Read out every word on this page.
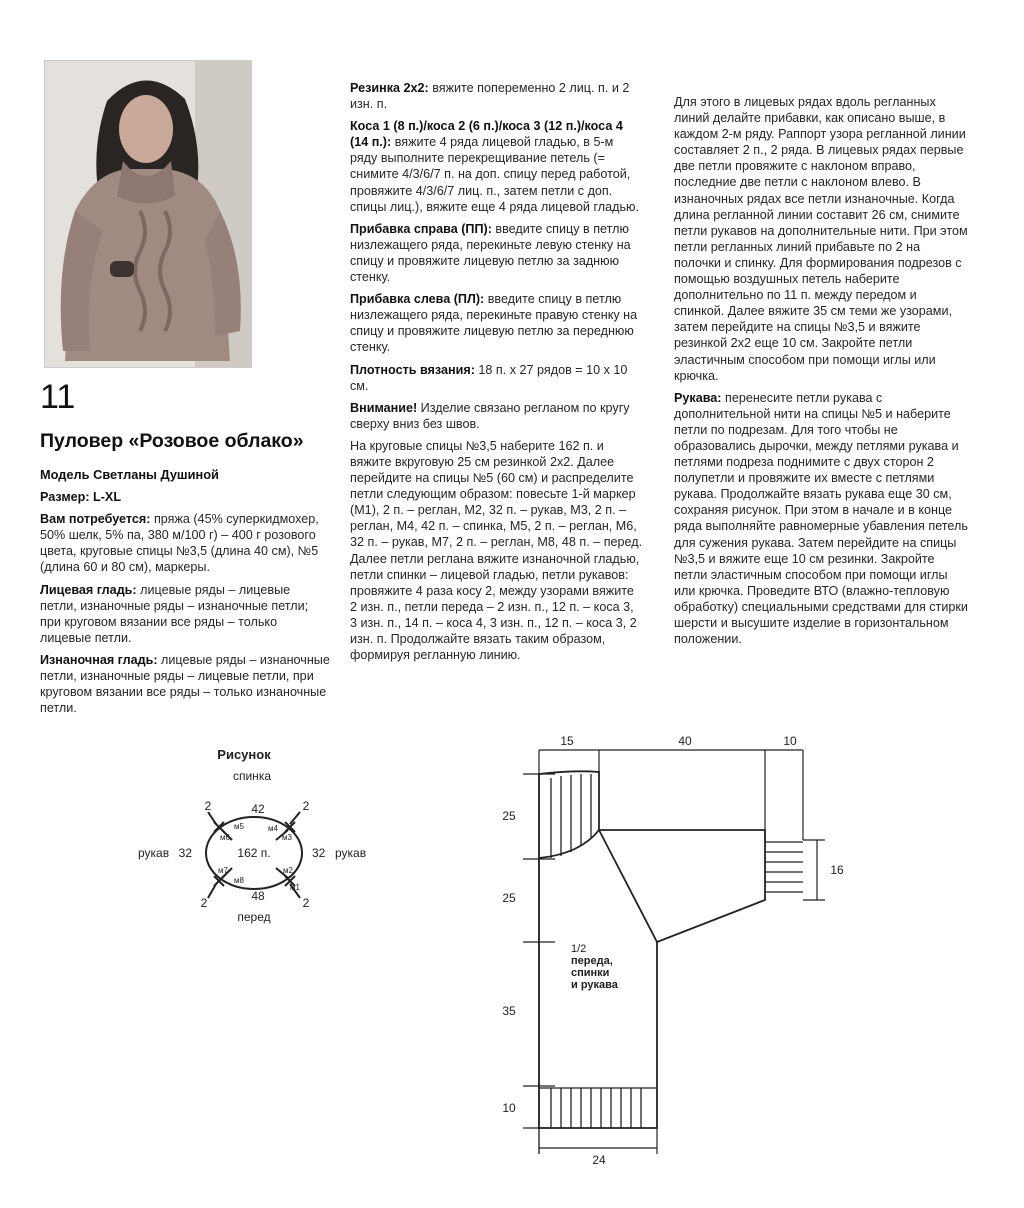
11
Пуловер «Розовое облако»

Модель Светланы Душиной

Размер: L-XL

Вам потребуется: пряжа (45% суперкидмохер, 50% шелк, 5% па, 380 м/100 г) – 400 г розового цвета, круговые спицы №3,5 (длина 40 см), №5 (длина 60 и 80 см), маркеры.

Лицевая гладь: лицевые ряды – лицевые петли, изнаночные ряды – изнаночные петли; при круговом вязании все ряды – только лицевые петли.

Изнаночная гладь: лицевые ряды – изнаночные петли, изнаночные ряды – лицевые петли, при круговом вязании все ряды – только изнаночные петли.

Резинка 2х2: вяжите попеременно 2 лиц. п. и 2 изн. п.

Коса 1 (8 п.)/коса 2 (6 п.)/коса 3 (12 п.)/коса 4 (14 п.): вяжите 4 ряда лицевой гладью, в 5-м ряду выполните перекрещивание петель (= снимите 4/3/6/7 п. на доп. спицу перед работой, провяжите 4/3/6/7 лиц. п., затем петли с доп. спицы лиц.), вяжите еще 4 ряда лицевой гладью.

Прибавка справа (ПП): введите спицу в петлю низлежащего ряда, перекиньте левую стенку на спицу и провяжите лицевую петлю за заднюю стенку.

Прибавка слева (ПЛ): введите спицу в петлю низлежащего ряда, перекиньте правую стенку на спицу и провяжите лицевую петлю за переднюю стенку.

Плотность вязания: 18 п. х 27 рядов = 10 х 10 см.

Внимание! Изделие связано регланом по кругу сверху вниз без швов.

На круговые спицы №3,5 наберите 162 п. и вяжите вкруговую 25 см резинкой 2х2. Далее перейдите на спицы №5 (60 см) и распределите петли следующим образом: повесьте 1-й маркер (М1), 2 п. – реглан, М2, 32 п. – рукав, М3, 2 п. – реглан, М4, 42 п. – спинка, М5, 2 п. – реглан, М6, 32 п. – рукав, М7, 2 п. – реглан, М8, 48 п. – перед. Далее петли реглана вяжите изнаночной гладью, петли спинки – лицевой гладью, петли рукавов: провяжите 4 раза косу 2, между узорами вяжите 2 изн. п., петли переда – 2 изн. п., 12 п. – коса 3, 3 изн. п., 14 п. – коса 4, 3 изн. п., 12 п. – коса 3, 2 изн. п. Продолжайте вязать таким образом, формируя регланную линию.

Для этого в лицевых рядах вдоль регланных линий делайте прибавки, как описано выше, в каждом 2-м ряду. Раппорт узора регланной линии составляет 2 п., 2 ряда. В лицевых рядах первые две петли провяжите с наклоном вправо, последние две петли с наклоном влево. В изнаночных рядах все петли изнаночные. Когда длина регланной линии составит 26 см, снимите петли рукавов на дополнительные нити. При этом петли регланных линий прибавьте по 2 на полочки и спинку. Для формирования подрезов с помощью воздушных петель наберите дополнительно по 11 п. между передом и спинкой. Далее вяжите 35 см теми же узорами, затем перейдите на спицы №3,5 и вяжите резинкой 2х2 еще 10 см. Закройте петли эластичным способом при помощи иглы или крючка.

Рукава: перенесите петли рукава с дополнительной нити на спицы №5 и наберите петли по подрезам. Для того чтобы не образовались дырочки, между петлями рукава и петлями подреза поднимите с двух сторон 2 полупетли и провяжите их вместе с петлями рукава. Продолжайте вязать рукава еще 30 см, сохраняя рисунок. При этом в начале и в конце ряда выполняйте равномерные убавления петель для сужения рукава. Затем перейдите на спицы №3,5 и вяжите еще 10 см резинки. Закройте петли эластичным способом при помощи иглы или крючка. Проведите ВТО (влажно-тепловую обработку) специальными средствами для стирки шерсти и высушите изделие в горизонтальном положении.

Рисунок
спинка
42
162 п.
32	32
рукав	рукав
48
перед
2	2
2	2
м1
м2
м3
м4
м5
м6
м7
м8
15	40	10
25
25
35
10
16
24
1/2
переда,
спинки
и рукава
